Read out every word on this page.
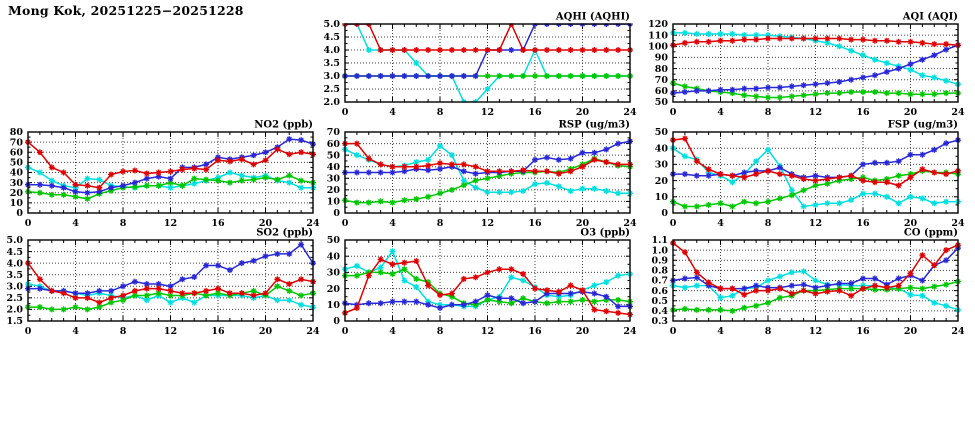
Mong Kok, 20251225−20251228
2.0
2.5
3.0
3.5
4.0
4.5
5.0
0	4	8	12	16	20	24
AQHI (AQHI)
50
60
70
80
90
100
110
120
0	4	8	12	16	20	24
AQI (AQI)
0
10
20
30
40
50
60
70
80
0	4	8	12	16	20	24
NO2 (ppb)
0
10
20
30
40
50
60
70
0	4	8	12	16	20	24
RSP (ug/m3)
0
10
20
30
40
50
0	4	8	12	16	20	24
FSP (ug/m3)
1.5
2.0
2.5
3.0
3.5
4.0
4.5
5.0
0	4	8	12	16	20	24
SO2 (ppb)
0
10
20
30
40
50
0	4	8	12	16	20	24
O3 (ppb)
0.3
0.4
0.5
0.6
0.7
0.8
0.9
1.0
1.1
0	4	8	12	16	20	24
CO (ppm)
